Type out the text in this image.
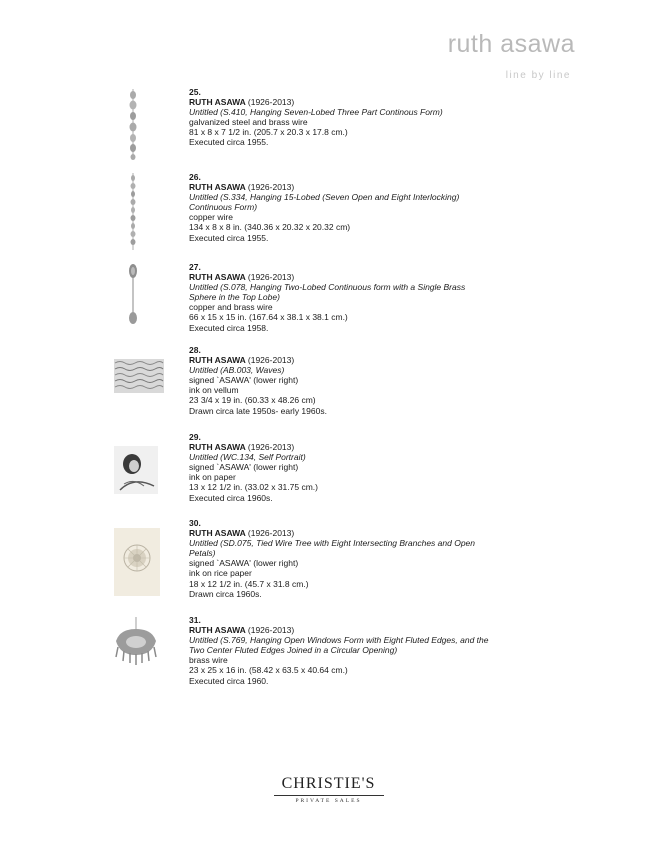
ruth asawa
line by line
25.
RUTH ASAWA (1926-2013)
Untitled (S.410, Hanging Seven-Lobed Three Part Continous Form)
galvanized steel and brass wire
81 x 8 x 7 1/2 in. (205.7 x 20.3 x 17.8 cm.)
Executed circa 1955.
26.
RUTH ASAWA (1926-2013)
Untitled (S.334, Hanging 15-Lobed (Seven Open and Eight Interlocking) Continuous Form)
copper wire
134 x 8 x 8 in. (340.36 x 20.32 x 20.32 cm)
Executed circa 1955.
27.
RUTH ASAWA (1926-2013)
Untitled (S.078, Hanging Two-Lobed Continuous form with a Single Brass Sphere in the Top Lobe)
copper and brass wire
66 x 15 x 15 in. (167.64 x 38.1 x 38.1 cm.)
Executed circa 1958.
28.
RUTH ASAWA (1926-2013)
Untitled (AB.003, Waves)
signed `ASAWA' (lower right)
ink on vellum
23 3/4 x 19 in. (60.33 x 48.26 cm)
Drawn circa late 1950s- early 1960s.
29.
RUTH ASAWA (1926-2013)
Untitled (WC.134, Self Portrait)
signed `ASAWA' (lower right)
ink on paper
13 x 12 1/2 in. (33.02 x 31.75 cm.)
Executed circa 1960s.
30.
RUTH ASAWA (1926-2013)
Untitled (SD.075, Tied Wire Tree with Eight Intersecting Branches and Open Petals)
signed `ASAWA' (lower right)
ink on rice paper
18 x 12 1/2 in. (45.7 x 31.8 cm.)
Drawn circa 1960s.
31.
RUTH ASAWA (1926-2013)
Untitled (S.769, Hanging Open Windows Form with Eight Fluted Edges, and the Two Center Fluted Edges Joined in a Circular Opening)
brass wire
23 x 25 x 16 in. (58.42 x 63.5 x 40.64 cm.)
Executed circa 1960.
CHRISTIE'S
PRIVATE SALES
